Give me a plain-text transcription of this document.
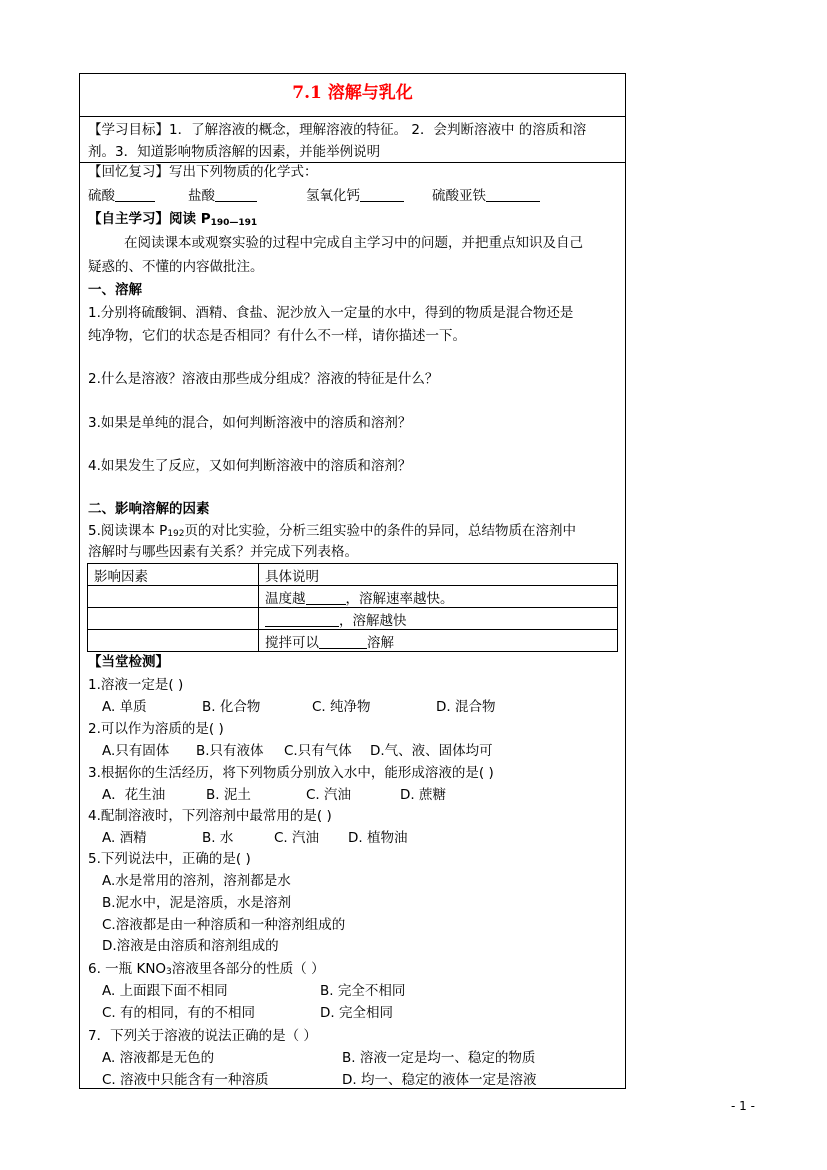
7.1 溶解与乳化
【学习目标】1．了解溶液的概念，理解溶液的特征。 2．会判断溶液中 的溶质和溶
剂。3．知道影响物质溶解的因素，并能举例说明
【回忆复习】写出下列物质的化学式：
硫酸	盐酸	氢氧化钙	硫酸亚铁
【自主学习】阅读 P190—191
在阅读课本或观察实验的过程中完成自主学习中的问题，并把重点知识及自己
疑惑的、不懂的内容做批注。
一、溶解
1.分别将硫酸铜、酒精、食盐、泥沙放入一定量的水中，得到的物质是混合物还是
纯净物，它们的状态是否相同？有什么不一样，请你描述一下。
2.什么是溶液？溶液由那些成分组成？溶液的特征是什么？
3.如果是单纯的混合，如何判断溶液中的溶质和溶剂？
4.如果发生了反应，又如何判断溶液中的溶质和溶剂？
二、影响溶解的因素
5.阅读课本 P192页的对比实验，分析三组实验中的条件的异同，总结物质在溶剂中
溶解时与哪些因素有关系？并完成下列表格。
影响因素	具体说明
	温度越 ，溶解速率越快。
	，溶解越快
	搅拌可以 溶解
【当堂检测】
1.溶液一定是( )
A. 单质	B. 化合物	C. 纯净物	D. 混合物
2.可以作为溶质的是( )
A.只有固体 B.只有液体 C.只有气体 D.气、液、固体均可
3.根据你的生活经历，将下列物质分别放入水中，能形成溶液的是( )
A．花生油	B. 泥土	C. 汽油	D. 蔗糖
4.配制溶液时，下列溶剂中最常用的是( )
A. 酒精	B. 水	C. 汽油 D. 植物油
5.下列说法中，正确的是( )
A.水是常用的溶剂，溶剂都是水
B.泥水中，泥是溶质，水是溶剂
C.溶液都是由一种溶质和一种溶剂组成的
D.溶液是由溶质和溶剂组成的
6. 一瓶 KNO3溶液里各部分的性质（ ）
A. 上面跟下面不相同	B. 完全不相同
C. 有的相同，有的不相同	D. 完全相同
7．下列关于溶液的说法正确的是（ ）
A. 溶液都是无色的	B. 溶液一定是均一、稳定的物质
C. 溶液中只能含有一种溶质	D. 均一、稳定的液体一定是溶液
- 1 -
